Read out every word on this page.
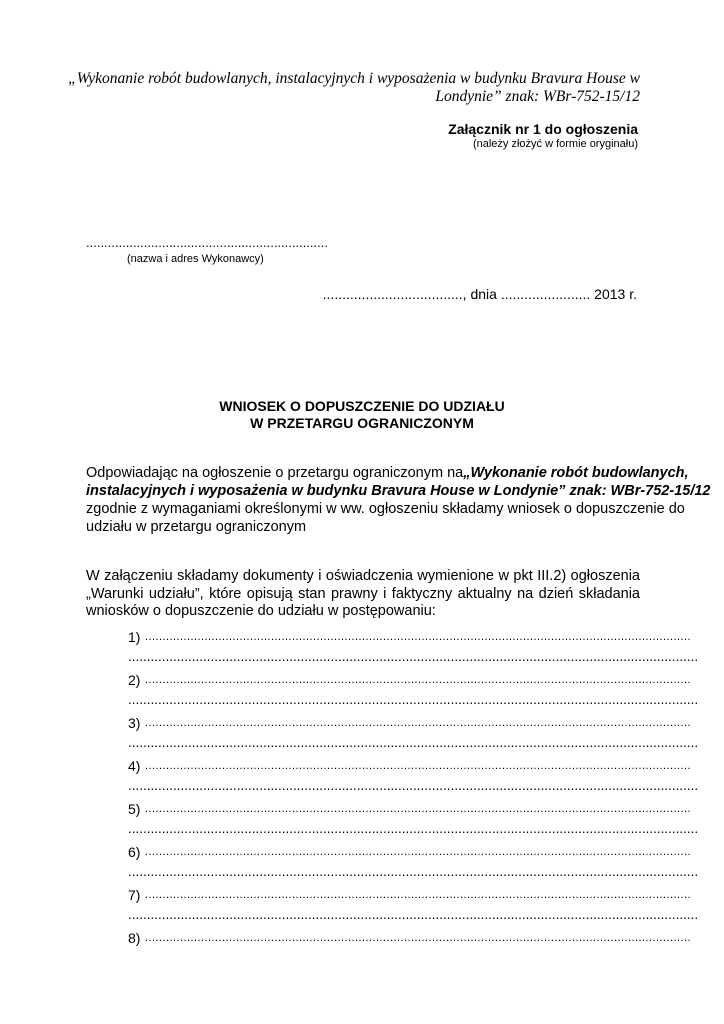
„Wykonanie robót budowlanych, instalacyjnych i wyposażenia w budynku Bravura House w
Londynie” znak: WBr-752-15/12
Załącznik nr 1 do ogłoszenia
(należy złożyć w formie oryginału)
...................................................................
(nazwa i adres Wykonawcy)
...................................., dnia ....................... 2013 r.
WNIOSEK O DOPUSZCZENIE DO UDZIAŁU
W PRZETARGU OGRANICZONYM
Odpowiadając na ogłoszenie o przetargu ograniczonym na „Wykonanie robót budowlanych,
instalacyjnych i wyposażenia w budynku Bravura House w Londynie” znak: WBr-752-15/12
zgodnie z wymaganiami określonymi w ww. ogłoszeniu składamy wniosek o dopuszczenie do
udziału w przetargu ograniczonym
W załączeniu składamy dokumenty i oświadczenia wymienione w pkt III.2) ogłoszenia
„Warunki udziału”, które opisują stan prawny i faktyczny aktualny na dzień składania
wniosków o dopuszczenie do udziału w postępowaniu:
1) …………………………………………………………………………………………………………………………………………
........................................................................................................................................................
2) …………………………………………………………………………………………………………………………………………
........................................................................................................................................................
3) …………………………………………………………………………………………………………………………………………
........................................................................................................................................................
4) …………………………………………………………………………………………………………………………………………
........................................................................................................................................................
5) …………………………………………………………………………………………………………………………………………
........................................................................................................................................................
6) …………………………………………………………………………………………………………………………………………
........................................................................................................................................................
7) …………………………………………………………………………………………………………………………………………
........................................................................................................................................................
8) …………………………………………………………………………………………………………………………………………
